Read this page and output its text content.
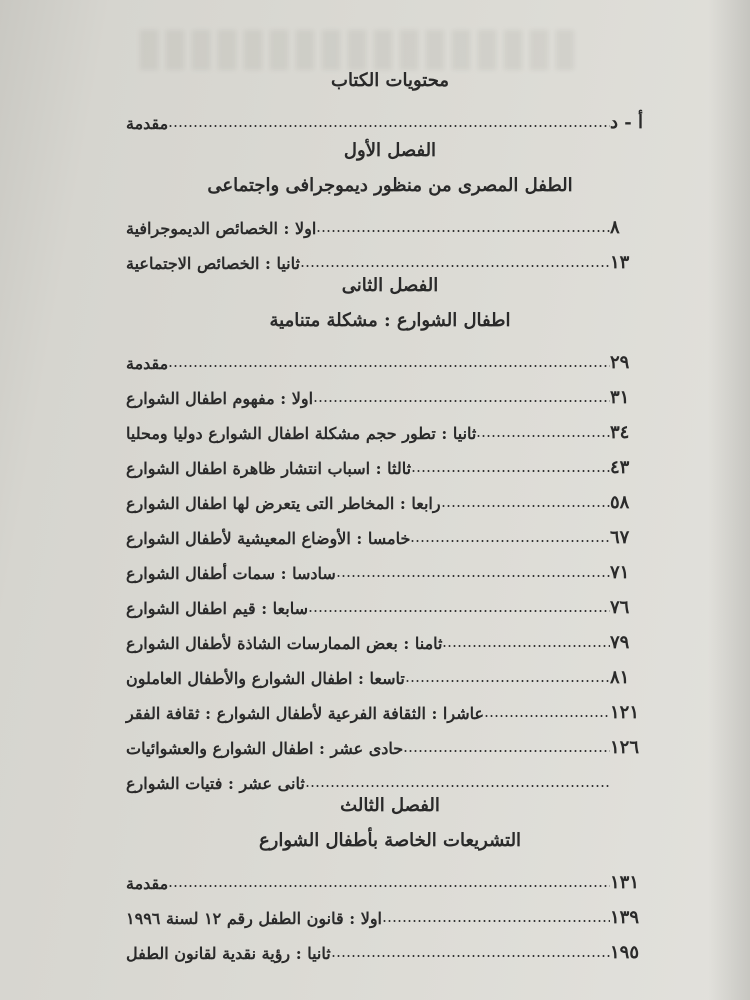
محتويات الكتاب
مقدمة	أ - د
الفصل الأول
الطفل المصرى من منظور ديموجرافى واجتماعى
اولا : الخصائص الديموجرافية	٨
ثانيا : الخصائص الاجتماعية	١٣
الفصل الثانى
اطفال الشوارع : مشكلة متنامية
مقدمة	٢٩
اولا : مفهوم اطفال الشوارع	٣١
ثانيا : تطور حجم مشكلة اطفال الشوارع دوليا ومحليا	٣٤
ثالثا : اسباب انتشار ظاهرة اطفال الشوارع	٤٣
رابعا : المخاطر التى يتعرض لها اطفال الشوارع	٥٨
خامسا : الأوضاع المعيشية لأطفال الشوارع	٦٧
سادسا : سمات أطفال الشوارع	٧١
سابعا : قيم اطفال الشوارع	٧٦
ثامنا : بعض الممارسات الشاذة لأطفال الشوارع	٧٩
تاسعا : اطفال الشوارع والأطفال العاملون	٨١
عاشرا : الثقافة الفرعية لأطفال الشوارع : ثقافة الفقر	١٢١
حادى عشر : اطفال الشوارع والعشوائيات	١٢٦
ثانى عشر : فتيات الشوارع
الفصل الثالث
التشريعات الخاصة بأطفال الشوارع
مقدمة	١٣١
اولا : قانون الطفل رقم ١٢ لسنة ١٩٩٦	١٣٩
ثانيا : رؤية نقدية لقانون الطفل	١٩٥
